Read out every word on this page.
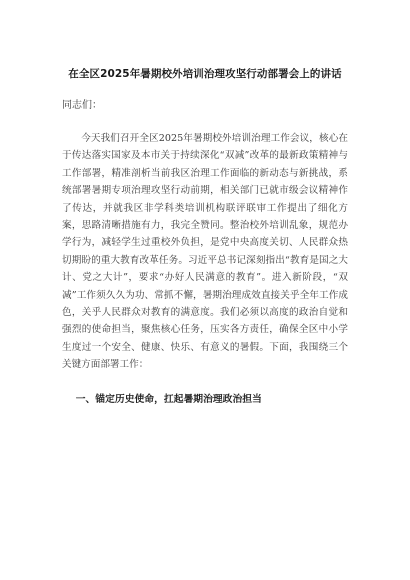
在全区2025年暑期校外培训治理攻坚行动部署会上的讲话

同志们：

今天我们召开全区2025年暑期校外培训治理工作会议，核心在于传达落实国家及本市关于持续深化“双减”改革的最新政策精神与工作部署，精准剖析当前我区治理工作面临的新动态与新挑战，系统部署暑期专项治理攻坚行动前期，相关部门已就市级会议精神作了传达，并就我区非学科类培训机构联评联审工作提出了细化方案，思路清晰措施有力，我完全赞同。整治校外培训乱象，规范办学行为，减轻学生过重校外负担，是党中央高度关切、人民群众热切期盼的重大教育改革任务。习近平总书记深刻指出“教育是国之大计、党之大计”，要求“办好人民满意的教育”。进入新阶段，“双减”工作须久久为功、常抓不懈，暑期治理成效直接关乎全年工作成色，关乎人民群众对教育的满意度。我们必须以高度的政治自觉和强烈的使命担当，聚焦核心任务，压实各方责任，确保全区中小学生度过一个安全、健康、快乐、有意义的暑假。下面，我围绕三个关键方面部署工作：

一、锚定历史使命，扛起暑期治理政治担当
